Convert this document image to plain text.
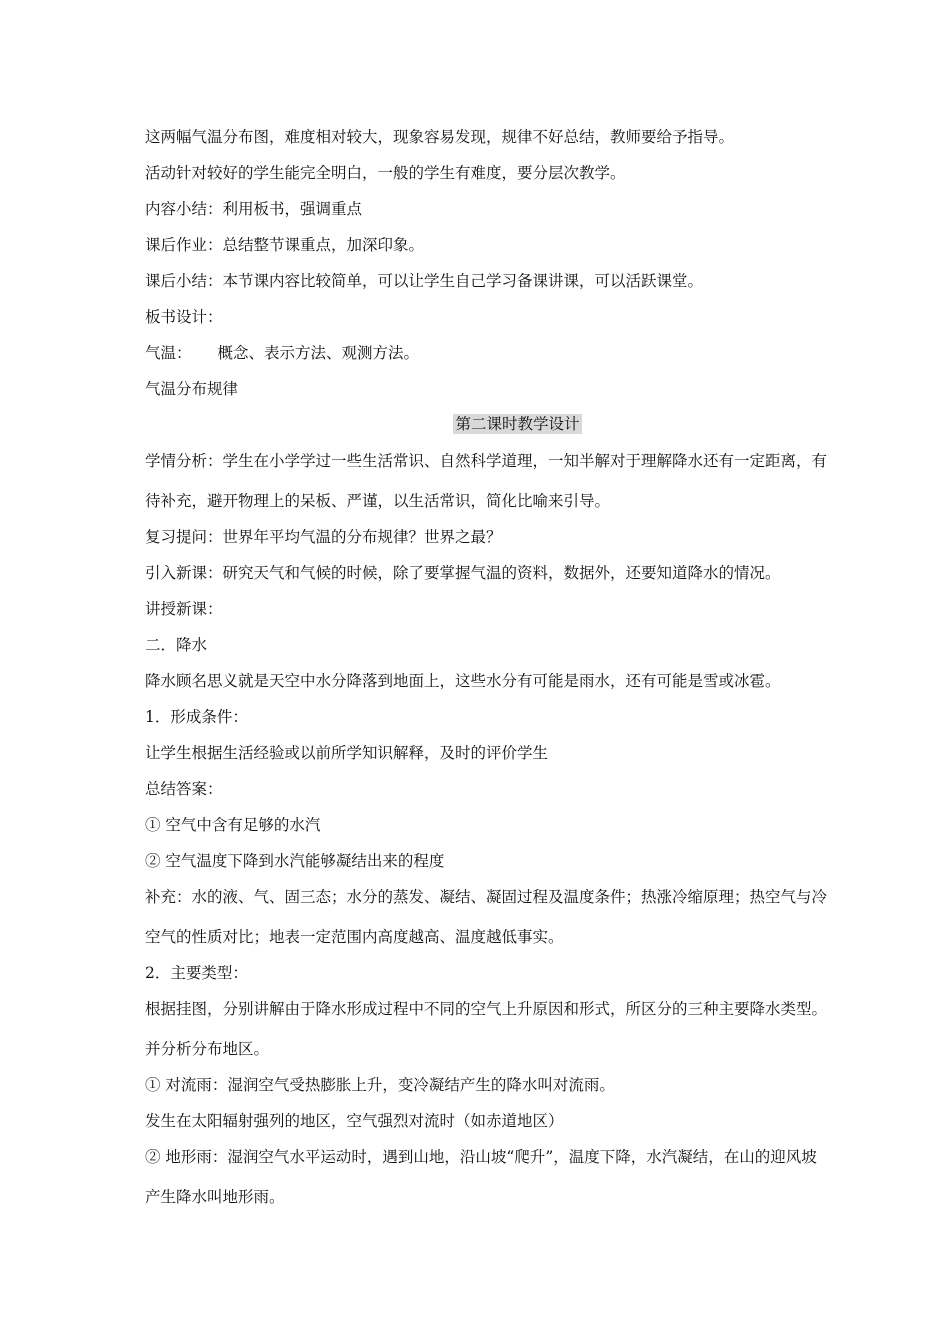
这两幅气温分布图，难度相对较大，现象容易发现，规律不好总结，教师要给予指导。
活动针对较好的学生能完全明白，一般的学生有难度，要分层次教学。
内容小结：利用板书，强调重点
课后作业：总结整节课重点，加深印象。
课后小结：本节课内容比较简单，可以让学生自己学习备课讲课，可以活跃课堂。
板书设计：
气温： 概念、表示方法、观测方法。
气温分布规律
第二课时教学设计
学情分析：学生在小学学过一些生活常识、自然科学道理，一知半解对于理解降水还有一定距离，有
待补充，避开物理上的呆板、严谨，以生活常识，简化比喻来引导。
复习提问：世界年平均气温的分布规律？世界之最？
引入新课：研究天气和气候的时候，除了要掌握气温的资料，数据外，还要知道降水的情况。
讲授新课：
二．降水
降水顾名思义就是天空中水分降落到地面上，这些水分有可能是雨水，还有可能是雪或冰雹。
1．形成条件：
让学生根据生活经验或以前所学知识解释，及时的评价学生
总结答案：
① 空气中含有足够的水汽
② 空气温度下降到水汽能够凝结出来的程度
补充：水的液、气、固三态；水分的蒸发、凝结、凝固过程及温度条件；热涨冷缩原理；热空气与冷
空气的性质对比；地表一定范围内高度越高、温度越低事实。
2．主要类型：
根据挂图，分别讲解由于降水形成过程中不同的空气上升原因和形式，所区分的三种主要降水类型。
并分析分布地区。
① 对流雨：湿润空气受热膨胀上升，变冷凝结产生的降水叫对流雨。
发生在太阳辐射强列的地区，空气强烈对流时（如赤道地区）
② 地形雨：湿润空气水平运动时，遇到山地，沿山坡“爬升”，温度下降，水汽凝结，在山的迎风坡
产生降水叫地形雨。
